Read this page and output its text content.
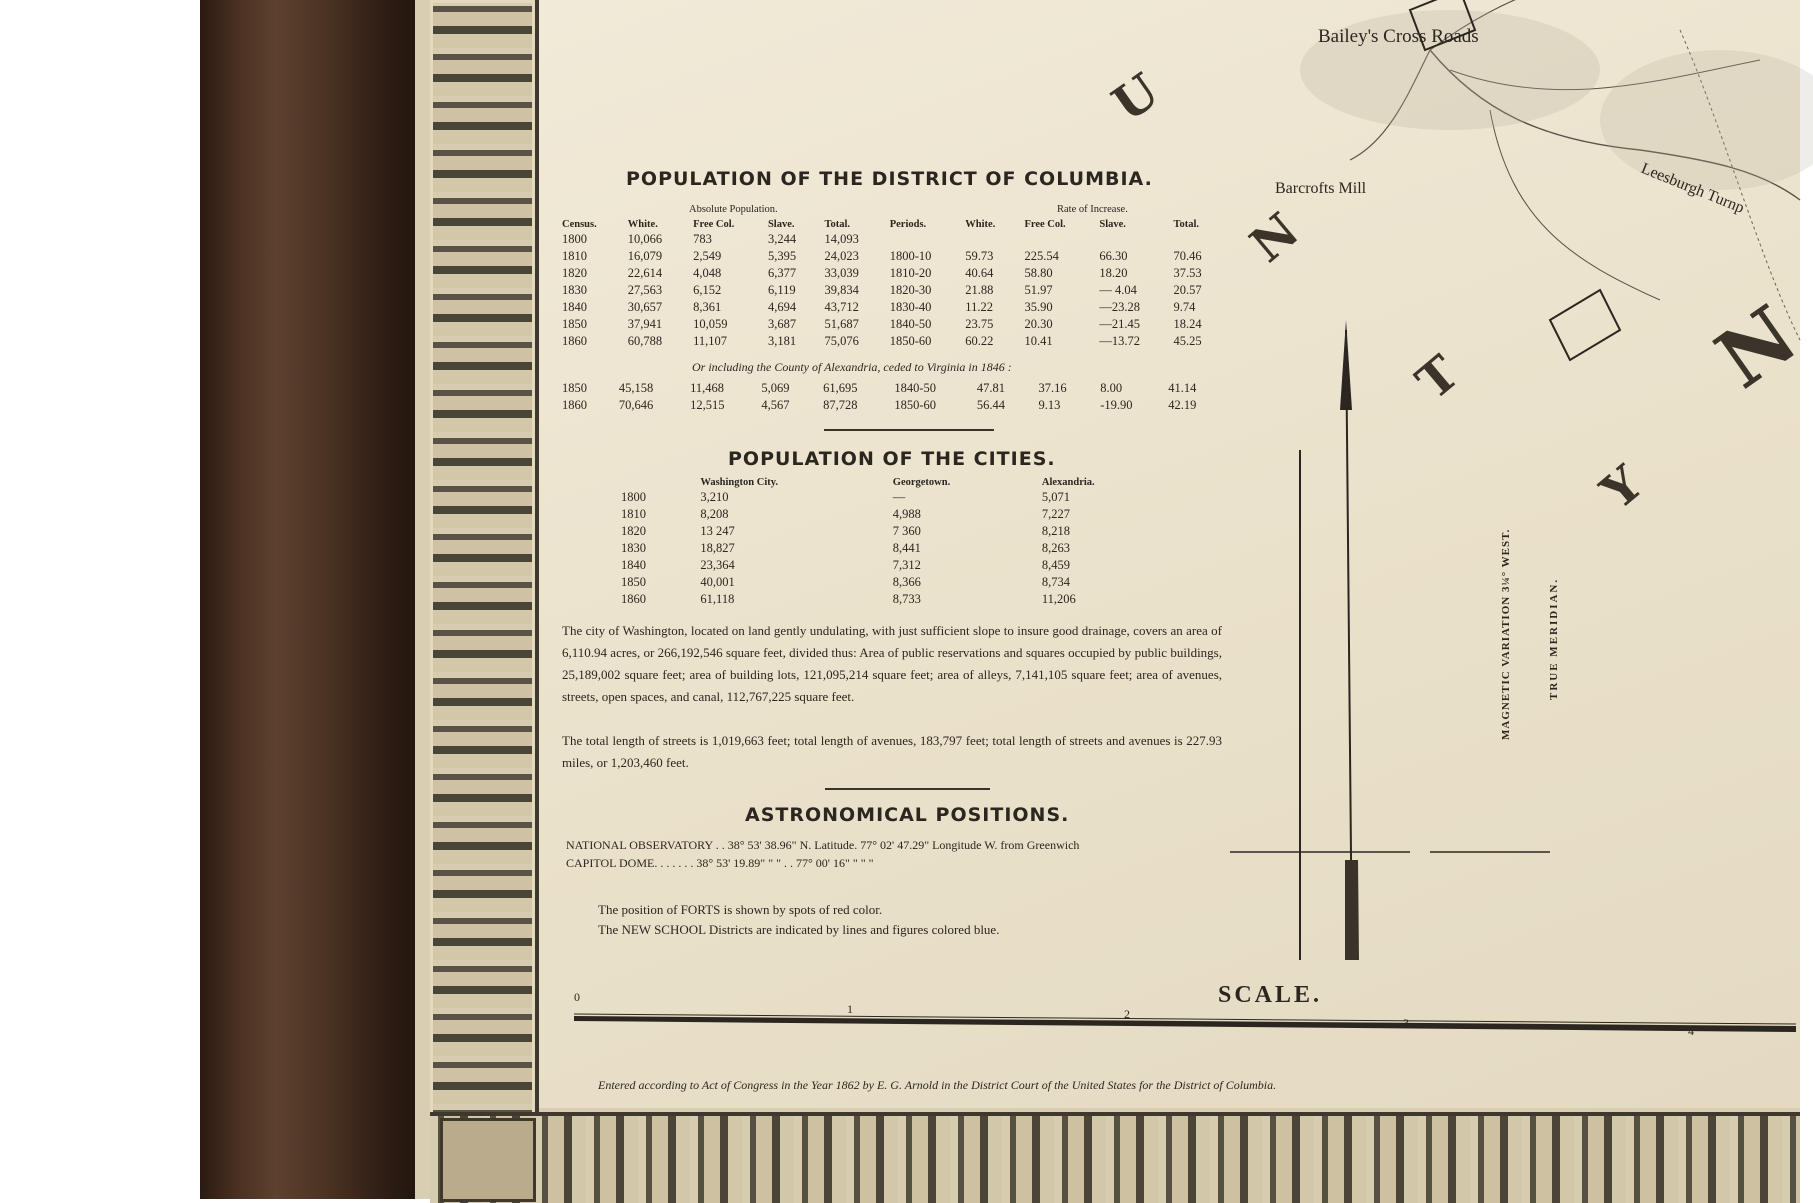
POPULATION OF THE DISTRICT OF COLUMBIA.
Absolute Population.	Rate of Increase.
Census.	White.	Free Col.	Slave.	Total.	Periods.	White.	Free Col.	Slave.	Total.
1800	10,066	783	3,244	14,093					
1810	16,079	2,549	5,395	24,023	1800-10	59.73	225.54	66.30	70.46
1820	22,614	4,048	6,377	33,039	1810-20	40.64	58.80	18.20	37.53
1830	27,563	6,152	6,119	39,834	1820-30	21.88	51.97	— 4.04	20.57
1840	30,657	8,361	4,694	43,712	1830-40	11.22	35.90	—23.28	9.74
1850	37,941	10,059	3,687	51,687	1840-50	23.75	20.30	—21.45	18.24
1860	60,788	11,107	3,181	75,076	1850-60	60.22	10.41	—13.72	45.25
Or including the County of Alexandria, ceded to Virginia in 1846 :
1850	45,158	11,468	5,069	61,695	1840-50	47.81	37.16	8.00	41.14
1860	70,646	12,515	4,567	87,728	1850-60	56.44	9.13	-19.90	42.19
POPULATION OF THE CITIES.
	Washington City.	Georgetown.	Alexandria.
1800	3,210	—	5,071
1810	8,208	4,988	7,227
1820	13 247	7 360	8,218
1830	18,827	8,441	8,263
1840	23,364	7,312	8,459
1850	40,001	8,366	8,734
1860	61,118	8,733	11,206
The city of Washington, located on land gently undulating, with just sufficient slope to insure good drainage, covers an area of 6,110.94 acres, or 266,192,546 square feet, divided thus: Area of public reservations and squares occupied by public buildings, 25,189,002 square feet; area of building lots, 121,095,214 square feet; area of alleys, 7,141,105 square feet; area of avenues, streets, open spaces, and canal, 112,767,225 square feet.
The total length of streets is 1,019,663 feet; total length of avenues, 183,797 feet; total length of streets and avenues is 227.93 miles, or 1,203,460 feet.
ASTRONOMICAL POSITIONS.
NATIONAL OBSERVATORY . . 38° 53' 38.96" N. Latitude. 77° 02' 47.29" Longitude W. from Greenwich
CAPITOL DOME. . . . . . . 38° 53' 19.89" " " . . 77° 00' 16" " " "
The position of FORTS is shown by spots of red color.
The NEW SCHOOL Districts are indicated by lines and figures colored blue.
SCALE.
0
1	2
3
4
Entered according to Act of Congress in the Year 1862 by E. G. Arnold in the District Court of the United States for the District of Columbia.
Bailey's Cross Roads
Barcrofts Mill	Leesburgh Turnp
U
N
T
Y
N
MAGNETIC VARIATION 3¼° WEST.	TRUE MERIDIAN.
